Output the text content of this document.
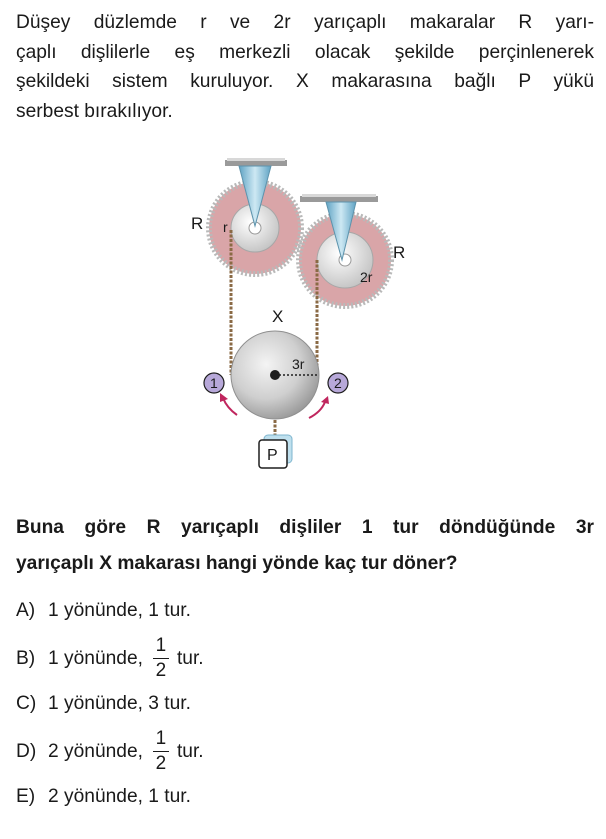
Düşey düzlemde r ve 2r yarıçaplı makaralar R yarı-
çaplı dişlilerle eş merkezli olacak şekilde perçinlenerek
şekildeki sistem kuruluyor. X makarasına bağlı P yükü
serbest bırakılıyor.
R r
R
2r
X
3r
1	2
P
Buna göre R yarıçaplı dişliler 1 tur döndüğünde 3r
yarıçaplı X makarası hangi yönde kaç tur döner?
A) 1 yönünde, 1 tur.
B) 1 yönünde, $\frac{1}{2}$ tur.
C) 1 yönünde, 3 tur.
D) 2 yönünde, $\frac{1}{2}$ tur.
E) 2 yönünde, 1 tur.
